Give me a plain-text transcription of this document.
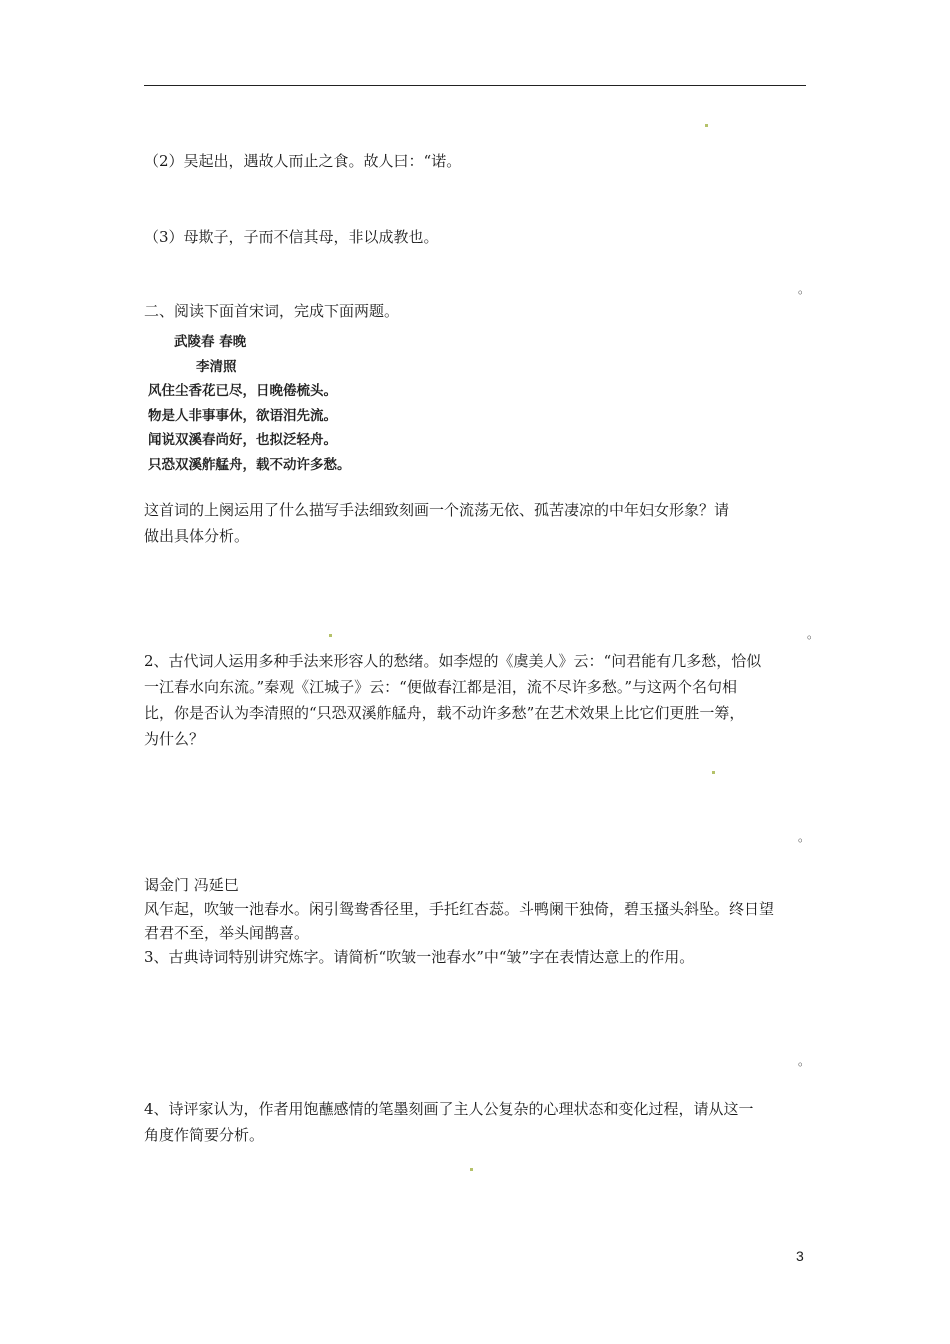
（2）吴起出，遇故人而止之食。故人曰：“诺。
（3）母欺子，子而不信其母，非以成教也。
。
二、阅读下面首宋词，完成下面两题。
武陵春 春晚
李清照
风住尘香花已尽，日晚倦梳头。
物是人非事事休，欲语泪先流。
闻说双溪春尚好，也拟泛轻舟。
只恐双溪舴艋舟，载不动许多愁。

这首词的上阕运用了什么描写手法细致刻画一个流荡无依、孤苦凄凉的中年妇女形象？请

做出具体分析。

。

2、古代词人运用多种手法来形容人的愁绪。如李煜的《虞美人》云：“问君能有几多愁，恰似

一江春水向东流。”秦观《江城子》云：“便做春江都是泪，流不尽许多愁。”与这两个名句相

比，你是否认为李清照的“只恐双溪舴艋舟，载不动许多愁”在艺术效果上比它们更胜一筹，

为什么？

。
谒金门 冯延巳

风乍起，吹皱一池春水。闲引鸳鸯香径里，手托红杏蕊。斗鸭阑干独倚，碧玉搔头斜坠。终日望

君君不至，举头闻鹊喜。

3、古典诗词特别讲究炼字。请简析“吹皱一池春水”中“皱”字在表情达意上的作用。
。

4、诗评家认为，作者用饱蘸感情的笔墨刻画了主人公复杂的心理状态和变化过程，请从这一

角度作简要分析。

3
